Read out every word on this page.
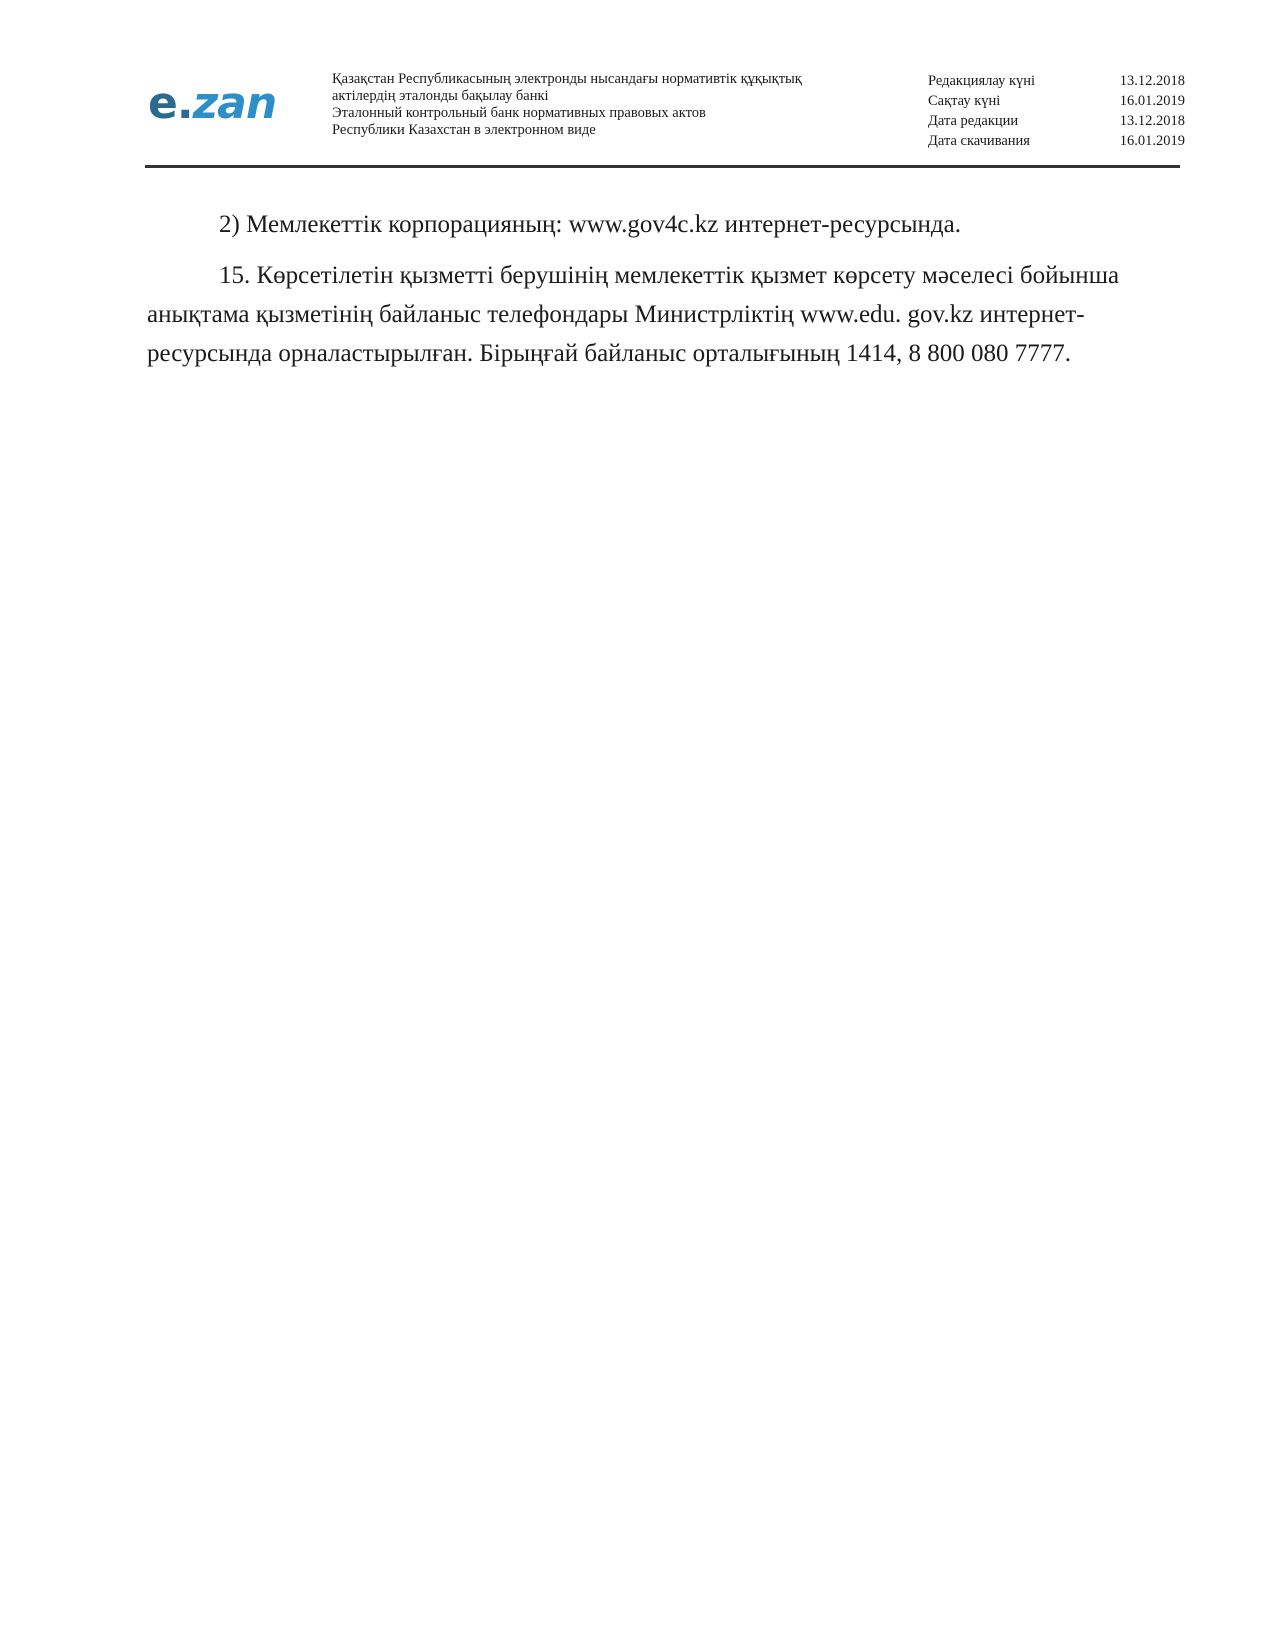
e.zan	Қазақстан Республикасының электронды нысандағы нормативтік құқықтық
актілердің эталонды бақылау банкі
Эталонный контрольный банк нормативных правовых актов
Республики Казахстан в электронном виде
Редакциялау күні	13.12.2018
Сақтау күні	16.01.2019
Дата редакции	13.12.2018
Дата скачивания	16.01.2019

2) Мемлекеттік корпорацияның: www.gov4c.kz интернет-ресурсында.

15. Көрсетілетін қызметті берушінің мемлекеттік қызмет көрсету мәселесі бойынша анықтама қызметінің байланыс телефондары Министрліктің www.edu. gov.kz интернет-ресурсында орналастырылған. Бірыңғай байланыс орталығының 1414, 8 800 080 7777.
